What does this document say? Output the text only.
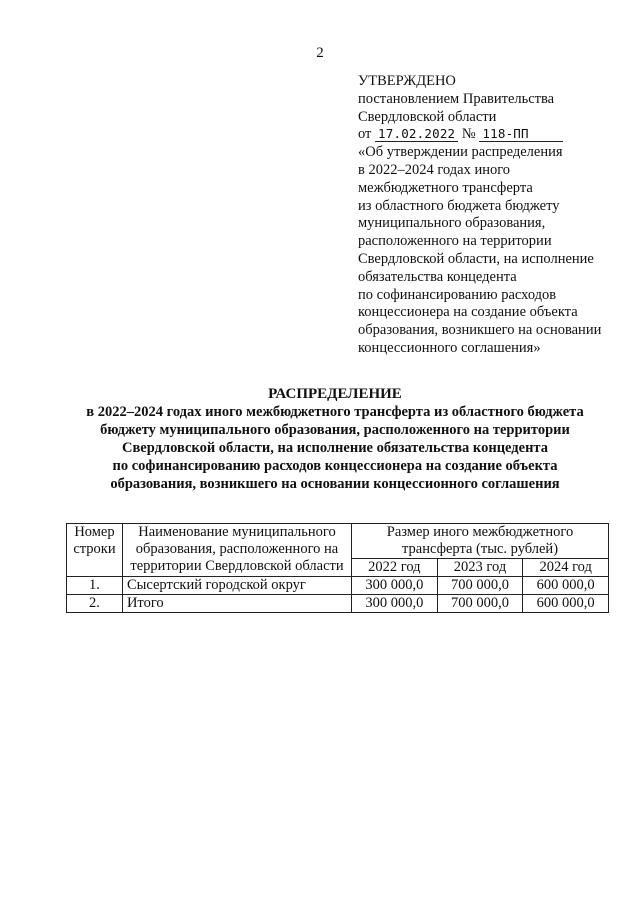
2
УТВЕРЖДЕНО
постановлением Правительства
Свердловской области
от 17.02.2022 № 118-ПП
«Об утверждении распределения
в 2022–2024 годах иного
межбюджетного трансферта
из областного бюджета бюджету
муниципального образования,
расположенного на территории
Свердловской области, на исполнение
обязательства концедента
по софинансированию расходов
концессионера на создание объекта
образования, возникшего на основании
концессионного соглашения»
РАСПРЕДЕЛЕНИЕ
в 2022–2024 годах иного межбюджетного трансферта из областного бюджета
бюджету муниципального образования, расположенного на территории
Свердловской области, на исполнение обязательства концедента
по софинансированию расходов концессионера на создание объекта
образования, возникшего на основании концессионного соглашения
Номер строки	Наименование муниципального образования, расположенного на территории Свердловской области	Размер иного межбюджетного трансферта (тыс. рублей)		
		2022 год	2023 год	2024 год
1.	Сысертский городской округ	300 000,0	700 000,0	600 000,0
2.	Итого	300 000,0	700 000,0	600 000,0
